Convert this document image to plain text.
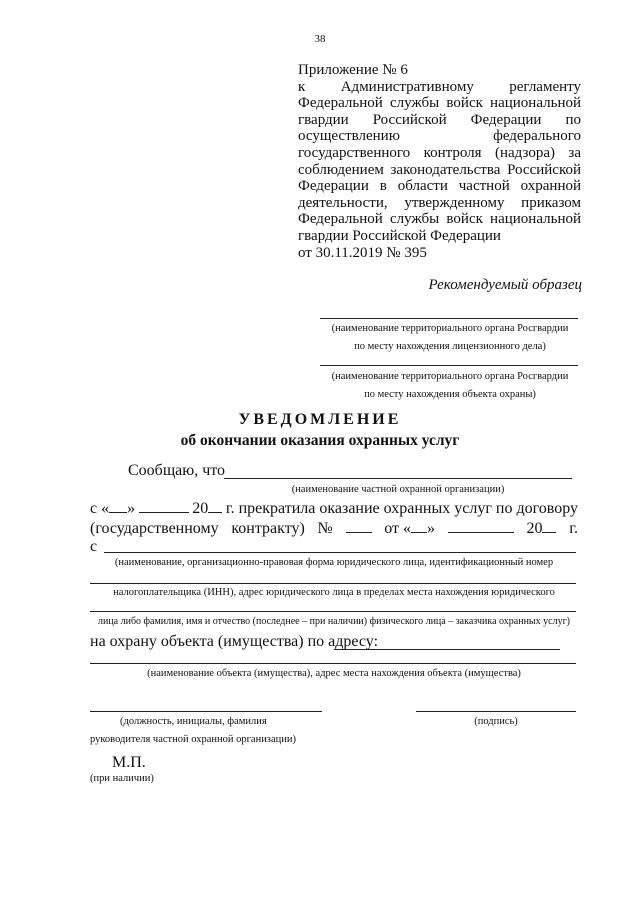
38
Приложение № 6
к Административному регламенту
Федеральной службы войск национальной
гвардии Российской Федерации по
осуществлению федерального
государственного контроля (надзора) за
соблюдением законодательства Российской
Федерации в области частной охранной
деятельности, утвержденному приказом
Федеральной службы войск национальной
гвардии Российской Федерации
от 30.11.2019 № 395
Рекомендуемый образец
(наименование территориального органа Росгвардии
по месту нахождения лицензионного дела)
(наименование территориального органа Росгвардии
по месту нахождения объекта охраны)
УВЕДОМЛЕНИЕ
об окончании оказания охранных услуг
Сообщаю, что
(наименование частной охранной организации)
с « »	20	г. прекратила оказание охранных услуг по договору
(государственному контракту) №	от « »	20	г.
с
(наименование, организационно-правовая форма юридического лица, идентификационный номер
налогоплательщика (ИНН), адрес юридического лица в пределах места нахождения юридического
лица либо фамилия, имя и отчество (последнее – при наличии) физического лица – заказчика охранных услуг)
на охрану объекта (имущества) по адресу:
(наименование объекта (имущества), адрес места нахождения объекта (имущества)
(должность, инициалы, фамилия
руководителя частной охранной организации)
(подпись)
М.П.
(при наличии)
